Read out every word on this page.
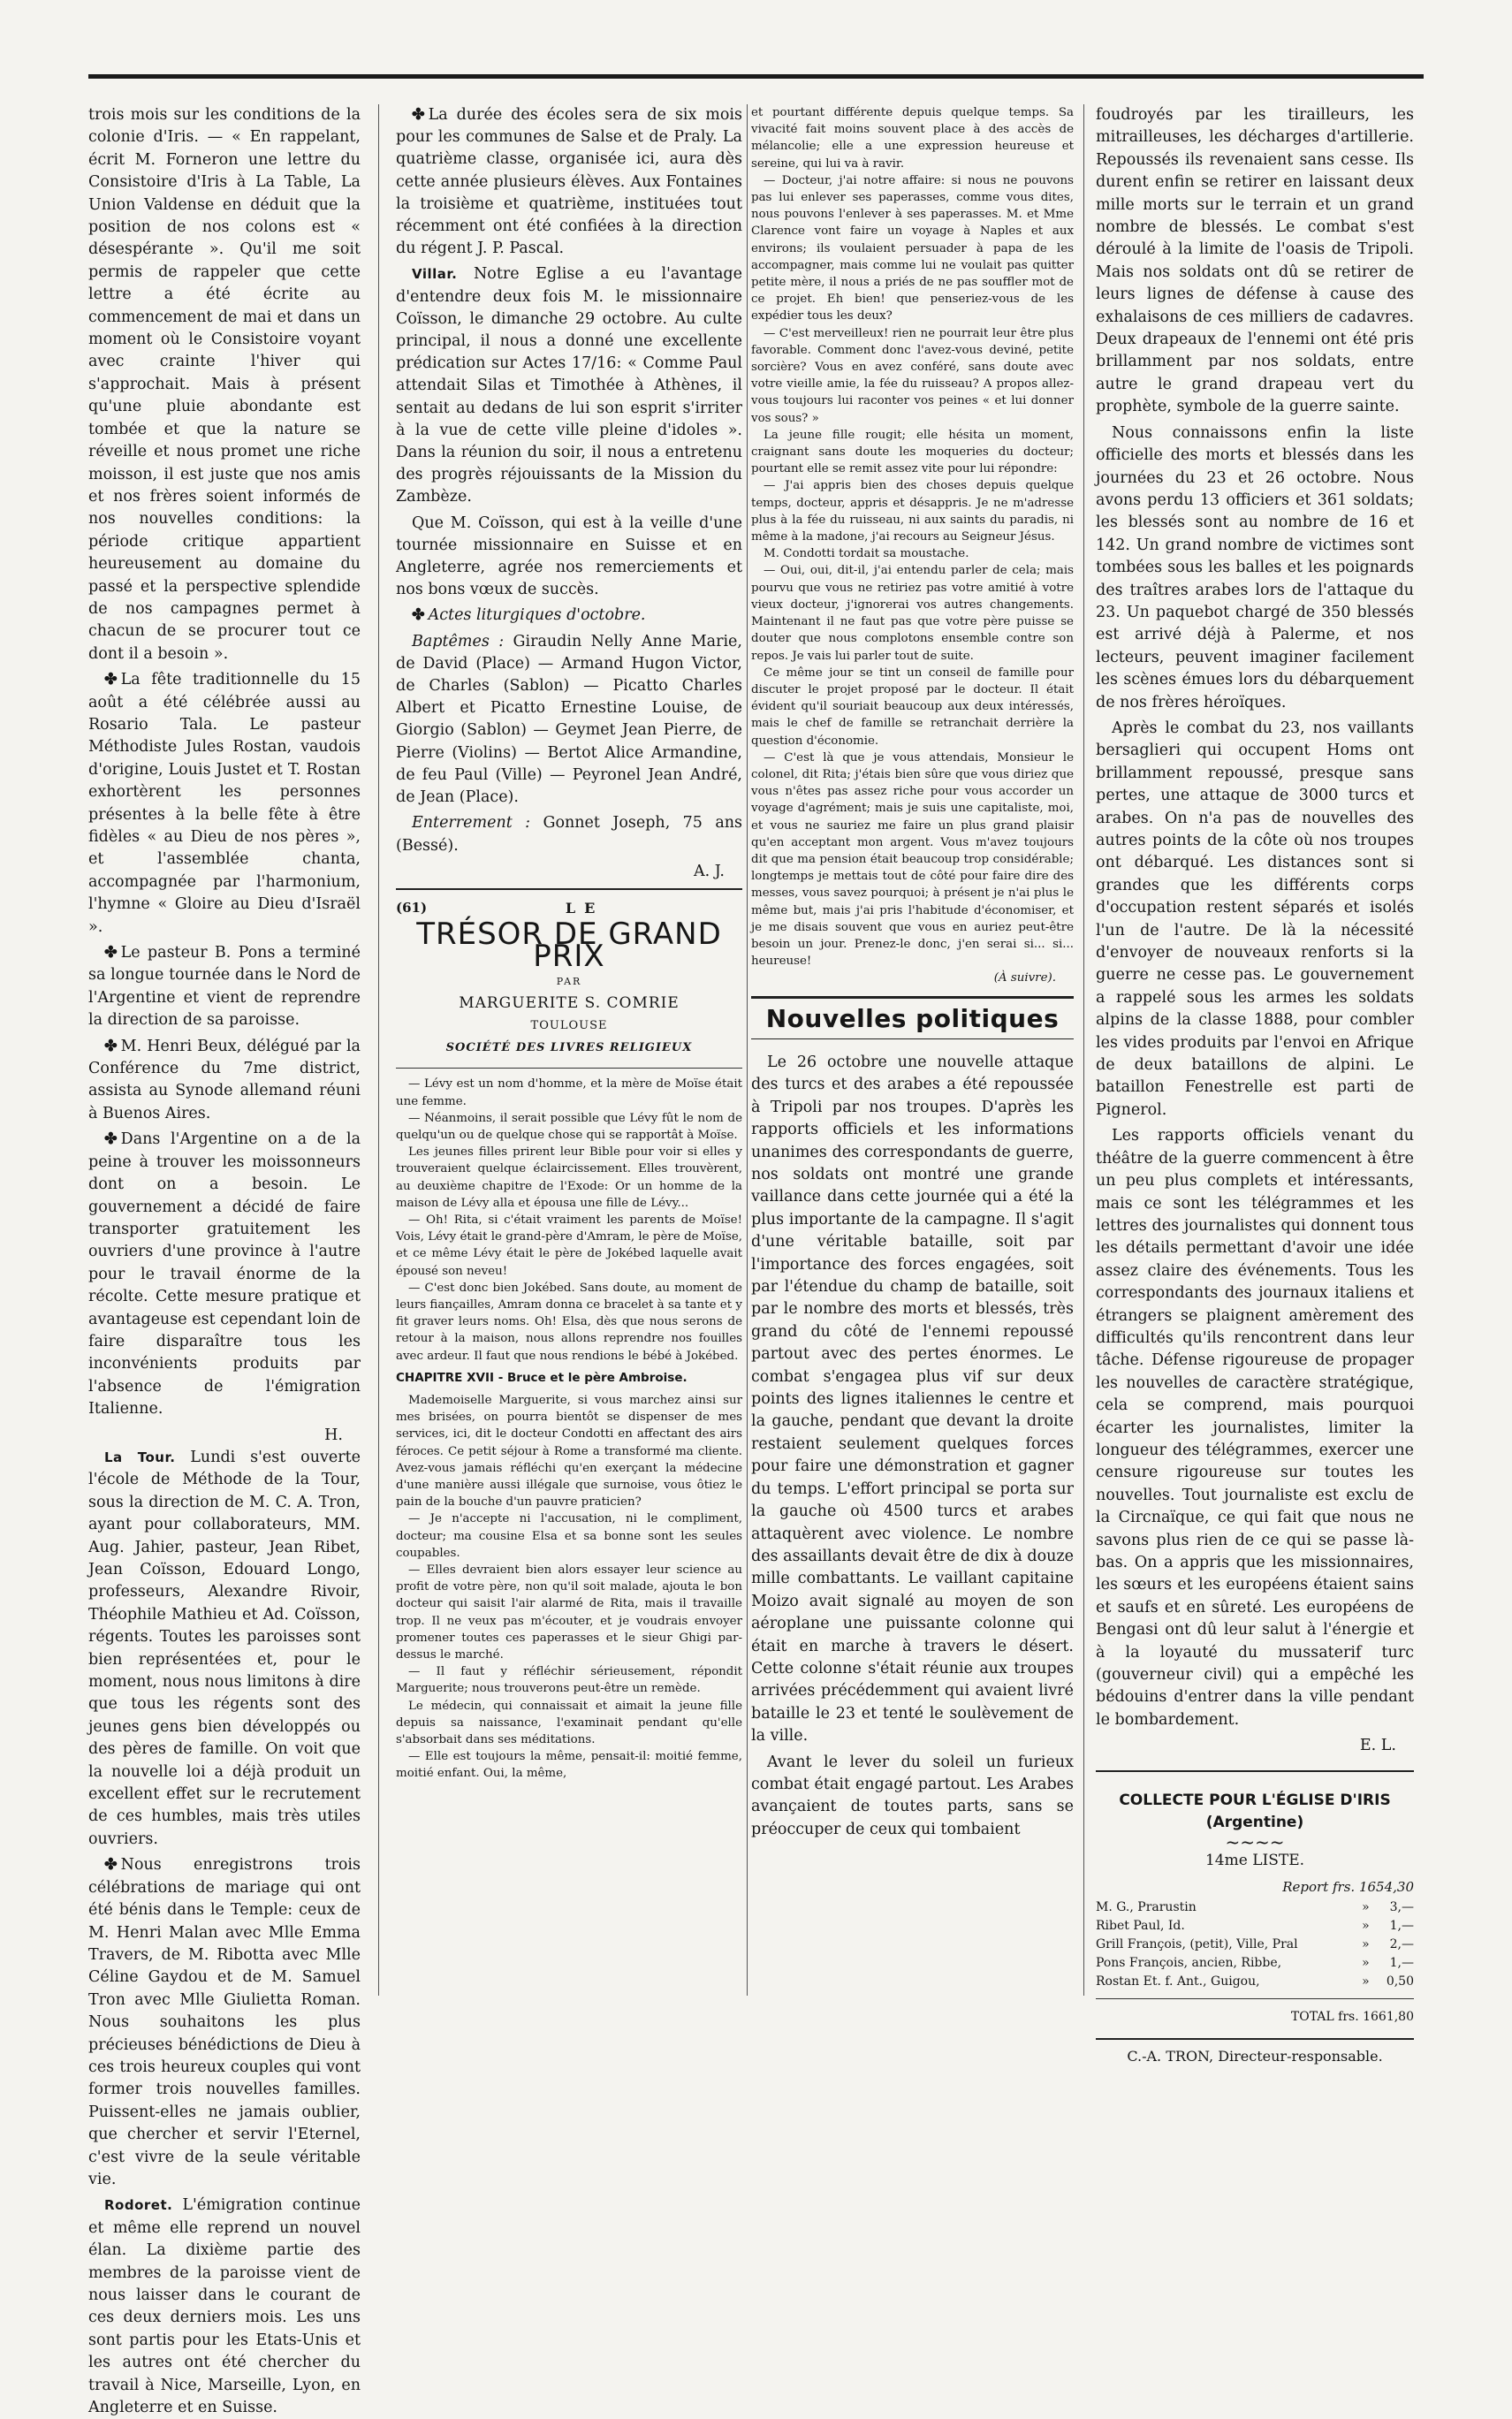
trois mois sur les conditions de la colonie d'Iris. — « En rappelant, écrit M. Forneron une lettre du Consistoire d'Iris à La Table, La Union Valdense en déduit que la position de nos colons est « désespérante ». Qu'il me soit permis de rappeler que cette lettre a été écrite au commencement de mai et dans un moment où le Consistoire voyant avec crainte l'hiver qui s'approchait. Mais à présent qu'une pluie abondante est tombée et que la nature se réveille et nous promet une riche moisson, il est juste que nos amis et nos frères soient informés de nos nouvelles conditions: la période critique appartient heureusement au domaine du passé et la perspective splendide de nos campagnes permet à chacun de se procurer tout ce dont il a besoin ».

✤ La fête traditionnelle du 15 août a été célébrée aussi au Rosario Tala. Le pasteur Méthodiste Jules Rostan, vaudois d'origine, Louis Justet et T. Rostan exhortèrent les personnes présentes à la belle fête à être fidèles « au Dieu de nos pères », et l'assemblée chanta, accompagnée par l'harmonium, l'hymne « Gloire au Dieu d'Israël ».

✤ Le pasteur B. Pons a terminé sa longue tournée dans le Nord de l'Argentine et vient de reprendre la direction de sa paroisse.

✤ M. Henri Beux, délégué par la Conférence du 7me district, assista au Synode allemand réuni à Buenos Aires.

✤ Dans l'Argentine on a de la peine à trouver les moissonneurs dont on a besoin. Le gouvernement a décidé de faire transporter gratuitement les ouvriers d'une province à l'autre pour le travail énorme de la récolte. Cette mesure pratique et avantageuse est cependant loin de faire disparaître tous les inconvénients produits par l'absence de l'émigration Italienne.

H.

La Tour. Lundi s'est ouverte l'école de Méthode de la Tour, sous la direction de M. C. A. Tron, ayant pour collaborateurs, MM. Aug. Jahier, pasteur, Jean Ribet, Jean Coïsson, Edouard Longo, professeurs, Alexandre Rivoir, Théophile Mathieu et Ad. Coïsson, régents. Toutes les paroisses sont bien représentées et, pour le moment, nous nous limitons à dire que tous les régents sont des jeunes gens bien développés ou des pères de famille. On voit que la nouvelle loi a déjà produit un excellent effet sur le recrutement de ces humbles, mais très utiles ouvriers.

✤ Nous enregistrons trois célébrations de mariage qui ont été bénis dans le Temple: ceux de M. Henri Malan avec Mlle Emma Travers, de M. Ribotta avec Mlle Céline Gaydou et de M. Samuel Tron avec Mlle Giulietta Roman. Nous souhaitons les plus précieuses bénédictions de Dieu à ces trois heureux couples qui vont former trois nouvelles familles. Puissent-elles ne jamais oublier, que chercher et servir l'Eternel, c'est vivre de la seule véritable vie.

Rodoret. L'émigration continue et même elle reprend un nouvel élan. La dixième partie des membres de la paroisse vient de nous laisser dans le courant de ces deux derniers mois. Les uns sont partis pour les Etats-Unis et les autres ont été chercher du travail à Nice, Marseille, Lyon, en Angleterre et en Suisse.

✤ La durée des écoles sera de six mois pour les communes de Salse et de Praly. La quatrième classe, organisée ici, aura dès cette année plusieurs élèves. Aux Fontaines la troisième et quatrième, instituées tout récemment ont été confiées à la direction du régent J. P. Pascal.

Villar. Notre Eglise a eu l'avantage d'entendre deux fois M. le missionnaire Coïsson, le dimanche 29 octobre. Au culte principal, il nous a donné une excellente prédication sur Actes 17/16: « Comme Paul attendait Silas et Timothée à Athènes, il sentait au dedans de lui son esprit s'irriter à la vue de cette ville pleine d'idoles ». Dans la réunion du soir, il nous a entretenu des progrès réjouissants de la Mission du Zambèze.

Que M. Coïsson, qui est à la veille d'une tournée missionnaire en Suisse et en Angleterre, agrée nos remerciements et nos bons vœux de succès.

✤ Actes liturgiques d'octobre.

Baptêmes : Giraudin Nelly Anne Marie, de David (Place) — Armand Hugon Victor, de Charles (Sablon) — Picatto Charles Albert et Picatto Ernestine Louise, de Giorgio (Sablon) — Geymet Jean Pierre, de Pierre (Violins) — Bertot Alice Armandine, de feu Paul (Ville) — Peyronel Jean André, de Jean (Place).

Enterrement : Gonnet Joseph, 75 ans (Bessé).

A. J.
(61)	LE
TRÉSOR DE GRAND PRIX
PAR
MARGUERITE S. COMRIE
TOULOUSE
SOCIÉTÉ DES LIVRES RELIGIEUX

— Lévy est un nom d'homme, et la mère de Moïse était une femme.

— Néanmoins, il serait possible que Lévy fût le nom de quelqu'un ou de quelque chose qui se rapportât à Moïse.

Les jeunes filles prirent leur Bible pour voir si elles y trouveraient quelque éclaircissement. Elles trouvèrent, au deuxième chapitre de l'Exode: Or un homme de la maison de Lévy alla et épousa une fille de Lévy...

— Oh! Rita, si c'était vraiment les parents de Moïse! Vois, Lévy était le grand-père d'Amram, le père de Moïse, et ce même Lévy était le père de Jokébed laquelle avait épousé son neveu!

— C'est donc bien Jokébed. Sans doute, au moment de leurs fiançailles, Amram donna ce bracelet à sa tante et y fit graver leurs noms. Oh! Elsa, dès que nous serons de retour à la maison, nous allons reprendre nos fouilles avec ardeur. Il faut que nous rendions le bébé à Jokébed.

CHAPITRE XVII - Bruce et le père Ambroise.

Mademoiselle Marguerite, si vous marchez ainsi sur mes brisées, on pourra bientôt se dispenser de mes services, ici, dit le docteur Condotti en affectant des airs féroces. Ce petit séjour à Rome a transformé ma cliente. Avez-vous jamais réfléchi qu'en exerçant la médecine d'une manière aussi illégale que surnoise, vous ôtiez le pain de la bouche d'un pauvre praticien?

— Je n'accepte ni l'accusation, ni le compliment, docteur; ma cousine Elsa et sa bonne sont les seules coupables.

— Elles devraient bien alors essayer leur science au profit de votre père, non qu'il soit malade, ajouta le bon docteur qui saisit l'air alarmé de Rita, mais il travaille trop. Il ne veux pas m'écouter, et je voudrais envoyer promener toutes ces paperasses et le sieur Ghigi par-dessus le marché.

— Il faut y réfléchir sérieusement, répondit Marguerite; nous trouverons peut-être un remède.

Le médecin, qui connaissait et aimait la jeune fille depuis sa naissance, l'examinait pendant qu'elle s'absorbait dans ses méditations.

— Elle est toujours la même, pensait-il: moitié femme, moitié enfant. Oui, la même,

et pourtant différente depuis quelque temps. Sa vivacité fait moins souvent place à des accès de mélancolie; elle a une expression heureuse et sereine, qui lui va à ravir.

— Docteur, j'ai notre affaire: si nous ne pouvons pas lui enlever ses paperasses, comme vous dites, nous pouvons l'enlever à ses paperasses. M. et Mme Clarence vont faire un voyage à Naples et aux environs; ils voulaient persuader à papa de les accompagner, mais comme lui ne voulait pas quitter petite mère, il nous a priés de ne pas souffler mot de ce projet. Eh bien! que penseriez-vous de les expédier tous les deux?

— C'est merveilleux! rien ne pourrait leur être plus favorable. Comment donc l'avez-vous deviné, petite sorcière? Vous en avez conféré, sans doute avec votre vieille amie, la fée du ruisseau? A propos allez-vous toujours lui raconter vos peines « et lui donner vos sous? »

La jeune fille rougit; elle hésita un moment, craignant sans doute les moqueries du docteur; pourtant elle se remit assez vite pour lui répondre:

— J'ai appris bien des choses depuis quelque temps, docteur, appris et désappris. Je ne m'adresse plus à la fée du ruisseau, ni aux saints du paradis, ni même à la madone, j'ai recours au Seigneur Jésus.

M. Condotti tordait sa moustache.

— Oui, oui, dit-il, j'ai entendu parler de cela; mais pourvu que vous ne retiriez pas votre amitié à votre vieux docteur, j'ignorerai vos autres changements. Maintenant il ne faut pas que votre père puisse se douter que nous complotons ensemble contre son repos. Je vais lui parler tout de suite.

Ce même jour se tint un conseil de famille pour discuter le projet proposé par le docteur. Il était évident qu'il souriait beaucoup aux deux intéressés, mais le chef de famille se retranchait derrière la question d'économie.

— C'est là que je vous attendais, Monsieur le colonel, dit Rita; j'étais bien sûre que vous diriez que vous n'êtes pas assez riche pour vous accorder un voyage d'agrément; mais je suis une capitaliste, moi, et vous ne sauriez me faire un plus grand plaisir qu'en acceptant mon argent. Vous m'avez toujours dit que ma pension était beaucoup trop considérable; longtemps je mettais tout de côté pour faire dire des messes, vous savez pourquoi; à présent je n'ai plus le même but, mais j'ai pris l'habitude d'économiser, et je me disais souvent que vous en auriez peut-être besoin un jour. Prenez-le donc, j'en serai si... si... heureuse!

(À suivre).
Nouvelles politiques

Le 26 octobre une nouvelle attaque des turcs et des arabes a été repoussée à Tripoli par nos troupes. D'après les rapports officiels et les informations unanimes des correspondants de guerre, nos soldats ont montré une grande vaillance dans cette journée qui a été la plus importante de la campagne. Il s'agit d'une véritable bataille, soit par l'importance des forces engagées, soit par l'étendue du champ de bataille, soit par le nombre des morts et blessés, très grand du côté de l'ennemi repoussé partout avec des pertes énormes. Le combat s'engagea plus vif sur deux points des lignes italiennes le centre et la gauche, pendant que devant la droite restaient seulement quelques forces pour faire une démonstration et gagner du temps. L'effort principal se porta sur la gauche où 4500 turcs et arabes attaquèrent avec violence. Le nombre des assaillants devait être de dix à douze mille combattants. Le vaillant capitaine Moizo avait signalé au moyen de son aéroplane une puissante colonne qui était en marche à travers le désert. Cette colonne s'était réunie aux troupes arrivées précédemment qui avaient livré bataille le 23 et tenté le soulèvement de la ville.

Avant le lever du soleil un furieux combat était engagé partout. Les Arabes avançaient de toutes parts, sans se préoccuper de ceux qui tombaient

foudroyés par les tirailleurs, les mitrailleuses, les décharges d'artillerie. Repoussés ils revenaient sans cesse. Ils durent enfin se retirer en laissant deux mille morts sur le terrain et un grand nombre de blessés. Le combat s'est déroulé à la limite de l'oasis de Tripoli. Mais nos soldats ont dû se retirer de leurs lignes de défense à cause des exhalaisons de ces milliers de cadavres. Deux drapeaux de l'ennemi ont été pris brillamment par nos soldats, entre autre le grand drapeau vert du prophète, symbole de la guerre sainte.

Nous connaissons enfin la liste officielle des morts et blessés dans les journées du 23 et 26 octobre. Nous avons perdu 13 officiers et 361 soldats; les blessés sont au nombre de 16 et 142. Un grand nombre de victimes sont tombées sous les balles et les poignards des traîtres arabes lors de l'attaque du 23. Un paquebot chargé de 350 blessés est arrivé déjà à Palerme, et nos lecteurs, peuvent imaginer facilement les scènes émues lors du débarquement de nos frères héroïques.

Après le combat du 23, nos vaillants bersaglieri qui occupent Homs ont brillamment repoussé, presque sans pertes, une attaque de 3000 turcs et arabes. On n'a pas de nouvelles des autres points de la côte où nos troupes ont débarqué. Les distances sont si grandes que les différents corps d'occupation restent séparés et isolés l'un de l'autre. De là la nécessité d'envoyer de nouveaux renforts si la guerre ne cesse pas. Le gouvernement a rappelé sous les armes les soldats alpins de la classe 1888, pour combler les vides produits par l'envoi en Afrique de deux bataillons de alpini. Le bataillon Fenestrelle est parti de Pignerol.

Les rapports officiels venant du théâtre de la guerre commencent à être un peu plus complets et intéressants, mais ce sont les télégrammes et les lettres des journalistes qui donnent tous les détails permettant d'avoir une idée assez claire des événements. Tous les correspondants des journaux italiens et étrangers se plaignent amèrement des difficultés qu'ils rencontrent dans leur tâche. Défense rigoureuse de propager les nouvelles de caractère stratégique, cela se comprend, mais pourquoi écarter les journalistes, limiter la longueur des télégrammes, exercer une censure rigoureuse sur toutes les nouvelles. Tout journaliste est exclu de la Circnaïque, ce qui fait que nous ne savons plus rien de ce qui se passe là-bas. On a appris que les missionnaires, les sœurs et les européens étaient sains et saufs et en sûreté. Les européens de Bengasi ont dû leur salut à l'énergie et à la loyauté du mussaterif turc (gouverneur civil) qui a empêché les bédouins d'entrer dans la ville pendant le bombardement.

E. L.
COLLECTE POUR L'ÉGLISE D'IRIS (Argentine)
~~~~
14me LISTE.
Report frs. 1654,30
M. G., Prarustin	»	3,—
Ribet Paul, Id.	»	1,—
Grill François, (petit), Ville, Pral	»	2,—
Pons François, ancien, Ribbe,	»	1,—
Rostan Et. f. Ant., Guigou,	»	0,50
TOTAL frs. 1661,80
C.-A. TRON, Directeur-responsable.
